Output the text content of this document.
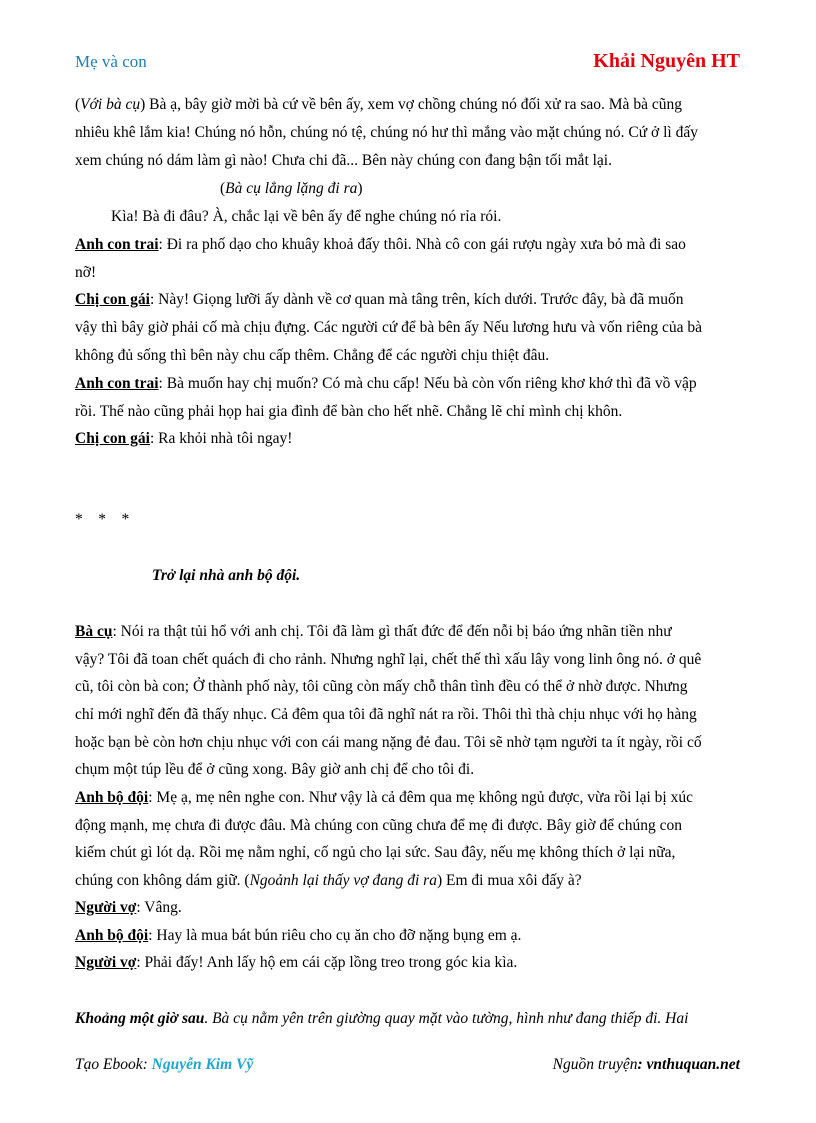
Mẹ và con	Khải Nguyên HT
(Với bà cụ) Bà ạ, bây giờ mời bà cứ về bên ấy, xem vợ chồng chúng nó đối xử ra sao. Mà bà cũng
nhiêu khê lắm kia! Chúng nó hỗn, chúng nó tệ, chúng nó hư thì mắng vào mặt chúng nó. Cứ ở lì đấy
xem chúng nó dám làm gì nào! Chưa chi đã... Bên này chúng con đang bận tối mắt lại.
(Bà cụ lẳng lặng đi ra)
Kìa! Bà đi đâu? À, chắc lại về bên ấy để nghe chúng nó rỉa rói.
Anh con trai: Đi ra phố dạo cho khuây khoả đấy thôi. Nhà cô con gái rượu ngày xưa bỏ mà đi sao
nỡ!
Chị con gái: Này! Giọng lưỡi ấy dành về cơ quan mà tâng trên, kích dưới. Trước đây, bà đã muốn
vậy thì bây giờ phải cố mà chịu đựng. Các người cứ để bà bên ấy Nếu lương hưu và vốn riêng của bà
không đủ sống thì bên này chu cấp thêm. Chẳng để các người chịu thiệt đâu.
Anh con trai: Bà muốn hay chị muốn? Có mà chu cấp! Nếu bà còn vốn riêng khơ khớ thì đã vồ vập
rồi. Thế nào cũng phải họp hai gia đình để bàn cho hết nhẽ. Chẳng lẽ chỉ mình chị khôn.
Chị con gái: Ra khỏi nhà tôi ngay!
*    *    *
Trở lại nhà anh bộ đội.
Bà cụ: Nói ra thật tủi hổ với anh chị. Tôi đã làm gì thất đức để đến nỗi bị báo ứng nhãn tiền như
vậy? Tôi đã toan chết quách đi cho rảnh. Nhưng nghĩ lại, chết thế thì xấu lây vong linh ông nó. ở quê
cũ, tôi còn bà con; Ở thành phố này, tôi cũng còn mấy chỗ thân tình đều có thể ở nhờ được. Nhưng
chỉ mới nghĩ đến đã thấy nhục. Cả đêm qua tôi đã nghĩ nát ra rồi. Thôi thì thà chịu nhục với họ hàng
hoặc bạn bè còn hơn chịu nhục với con cái mang nặng đẻ đau. Tôi sẽ nhờ tạm người ta ít ngày, rồi cố
chụm một túp lều để ở cũng xong. Bây giờ anh chị để cho tôi đi.
Anh bộ đội: Mẹ ạ, mẹ nên nghe con. Như vậy là cả đêm qua mẹ không ngủ được, vừa rồi lại bị xúc
động mạnh, mẹ chưa đi được đâu. Mà chúng con cũng chưa để mẹ đi được. Bây giờ để chúng con
kiếm chút gì lót dạ. Rồi mẹ nằm nghỉ, cố ngủ cho lại sức. Sau đây, nếu mẹ không thích ở lại nữa,
chúng con không dám giữ. (Ngoảnh lại thấy vợ đang đi ra) Em đi mua xôi đấy à?
Người vợ: Vâng.
Anh bộ đội: Hay là mua bát bún riêu cho cụ ăn cho đỡ nặng bụng em ạ.
Người vợ: Phải đấy! Anh lấy hộ em cái cặp lồng treo trong góc kia kìa.
Khoảng một giờ sau. Bà cụ nằm yên trên giường quay mặt vào tường, hình như đang thiếp đi. Hai
Tạo Ebook: Nguyễn Kim Vỹ	Nguồn truyện: vnthuquan.net
